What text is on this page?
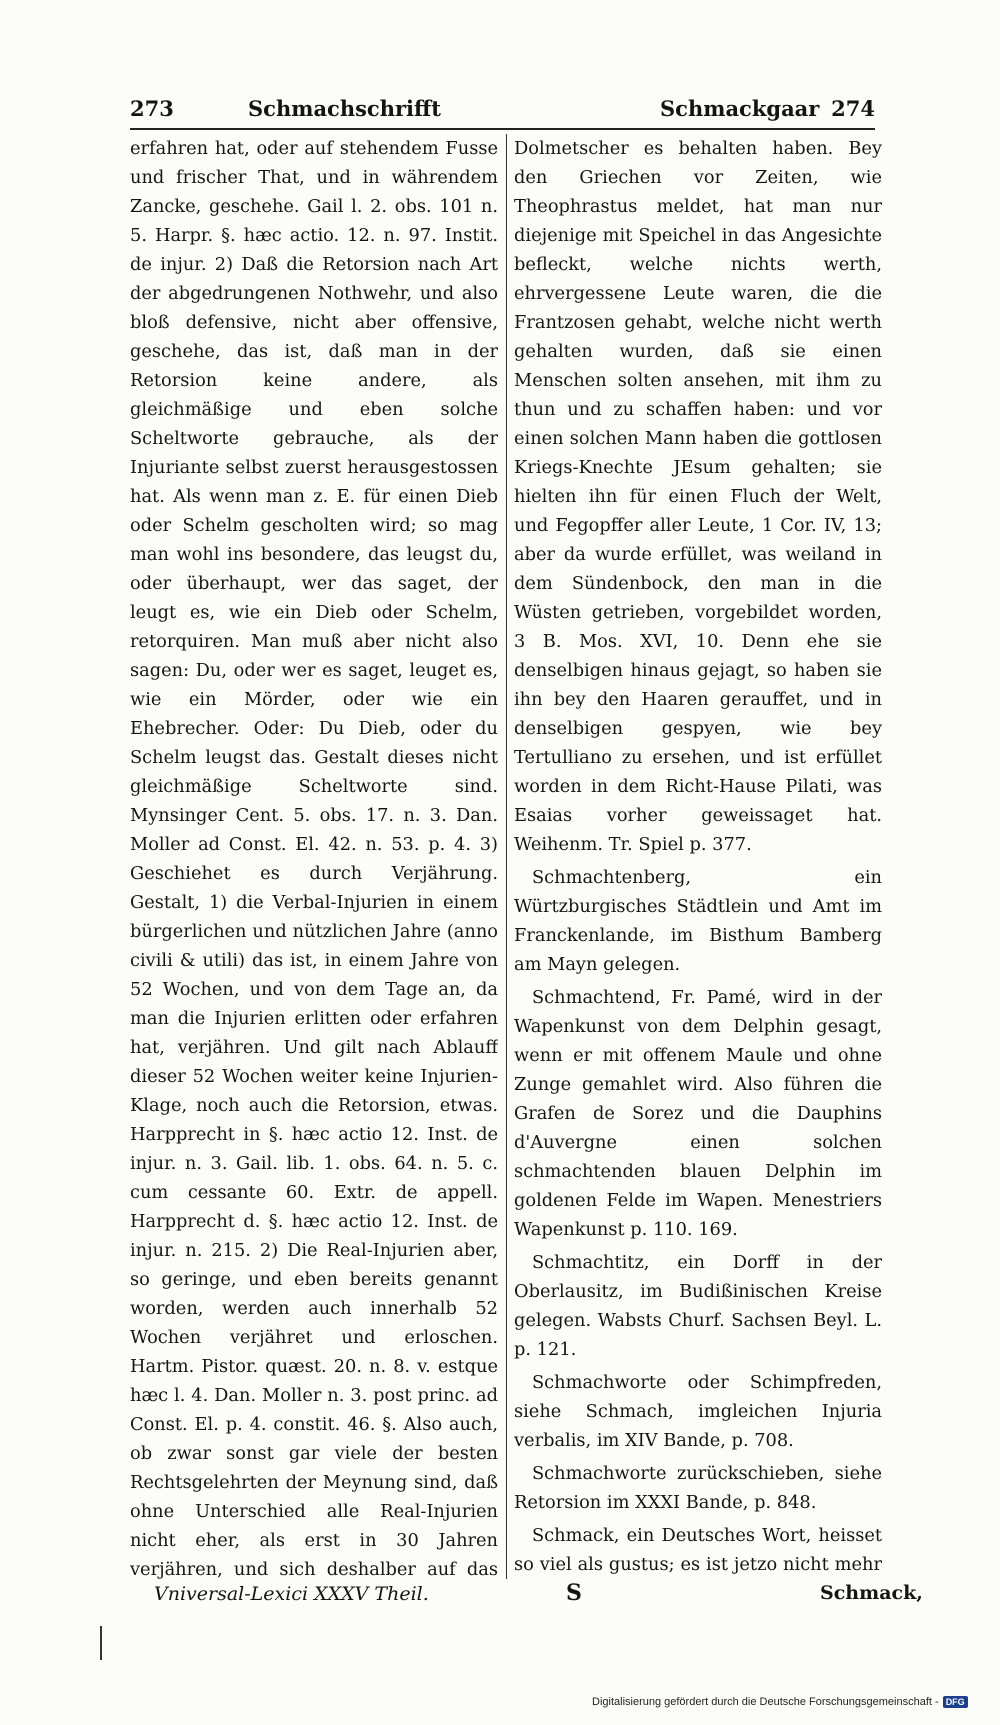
273	Schmachschrifft	Schmackgaar 274

erfahren hat, oder auf stehendem Fusse und frischer That, und in währendem Zancke, geschehe. Gail l. 2. obs. 101 n. 5. Harpr. §. hæc actio. 12. n. 97. Instit. de injur. 2) Daß die Retorsion nach Art der abgedrungenen Nothwehr, und also bloß defensive, nicht aber offensive, geschehe, das ist, daß man in der Retorsion keine andere, als gleichmäßige und eben solche Scheltworte gebrauche, als der Injuriante selbst zuerst herausgestossen hat. Als wenn man z. E. für einen Dieb oder Schelm gescholten wird; so mag man wohl ins besondere, das leugst du, oder überhaupt, wer das saget, der leugt es, wie ein Dieb oder Schelm, retorquiren. Man muß aber nicht also sagen: Du, oder wer es saget, leuget es, wie ein Mörder, oder wie ein Ehebrecher. Oder: Du Dieb, oder du Schelm leugst das. Gestalt dieses nicht gleichmäßige Scheltworte sind. Mynsinger Cent. 5. obs. 17. n. 3. Dan. Moller ad Const. El. 42. n. 53. p. 4. 3) Geschiehet es durch Verjährung. Gestalt, 1) die Verbal-Injurien in einem bürgerlichen und nützlichen Jahre (anno civili & utili) das ist, in einem Jahre von 52 Wochen, und von dem Tage an, da man die Injurien erlitten oder erfahren hat, verjähren. Und gilt nach Ablauff dieser 52 Wochen weiter keine Injurien-Klage, noch auch die Retorsion, etwas. Harpprecht in §. hæc actio 12. Inst. de injur. n. 3. Gail. lib. 1. obs. 64. n. 5. c. cum cessante 60. Extr. de appell. Harpprecht d. §. hæc actio 12. Inst. de injur. n. 215. 2) Die Real-Injurien aber, so geringe, und eben bereits genannt worden, werden auch innerhalb 52 Wochen verjähret und erloschen. Hartm. Pistor. quæst. 20. n. 8. v. estque hæc l. 4. Dan. Moller n. 3. post princ. ad Const. El. p. 4. constit. 46. §. Also auch, ob zwar sonst gar viele der besten Rechtsgelehrten der Meynung sind, daß ohne Unterschied alle Real-Injurien nicht eher, als erst in 30 Jahren verjähren, und sich deshalber auf das

Dolmetscher es behalten haben. Bey den Griechen vor Zeiten, wie Theophrastus meldet, hat man nur diejenige mit Speichel in das Angesichte befleckt, welche nichts werth, ehrvergessene Leute waren, die die Frantzosen gehabt, welche nicht werth gehalten wurden, daß sie einen Menschen solten ansehen, mit ihm zu thun und zu schaffen haben: und vor einen solchen Mann haben die gottlosen Kriegs-Knechte JEsum gehalten; sie hielten ihn für einen Fluch der Welt, und Fegopffer aller Leute, 1 Cor. IV, 13; aber da wurde erfüllet, was weiland in dem Sündenbock, den man in die Wüsten getrieben, vorgebildet worden, 3 B. Mos. XVI, 10. Denn ehe sie denselbigen hinaus gejagt, so haben sie ihn bey den Haaren gerauffet, und in denselbigen gespyen, wie bey Tertulliano zu ersehen, und ist erfüllet worden in dem Richt-Hause Pilati, was Esaias vorher geweissaget hat. Weihenm. Tr. Spiel p. 377.

Schmachtenberg, ein Würtzburgisches Städtlein und Amt im Franckenlande, im Bisthum Bamberg am Mayn gelegen.

Schmachtend, Fr. Pamé, wird in der Wapenkunst von dem Delphin gesagt, wenn er mit offenem Maule und ohne Zunge gemahlet wird. Also führen die Grafen de Sorez und die Dauphins d'Auvergne einen solchen schmachtenden blauen Delphin im goldenen Felde im Wapen. Menestriers Wapenkunst p. 110. 169.

Schmachtitz, ein Dorff in der Oberlausitz, im Budißinischen Kreise gelegen. Wabsts Churf. Sachsen Beyl. L. p. 121.

Schmachworte oder Schimpfreden, siehe Schmach, imgleichen Injuria verbalis, im XIV Bande, p. 708.

Schmachworte zurückschieben, siehe Retorsion im XXXI Bande, p. 848.

Schmack, ein Deutsches Wort, heisset so viel als gustus; es ist jetzo nicht mehr

Vniversal-Lexici XXXV Theil.	S	Schmack,
Digitalisierung gefördert durch die Deutsche Forschungsgemeinschaft - DFG
